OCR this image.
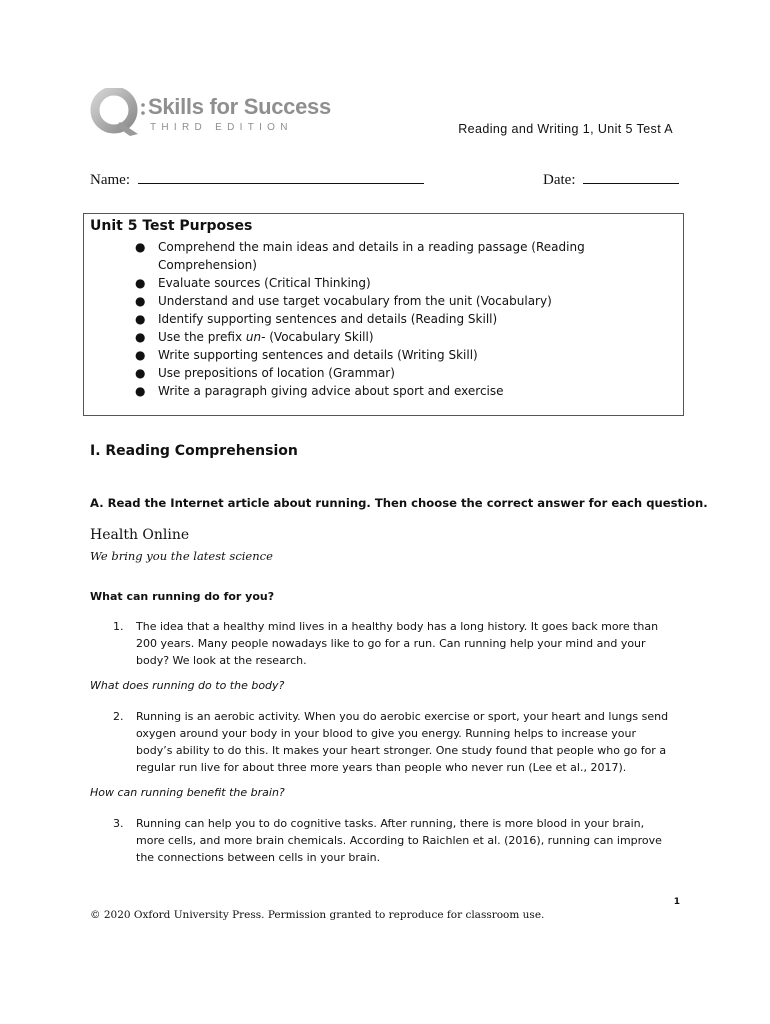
Skills for Success
THIRD EDITION	Reading and Writing 1, Unit 5 Test A
Name:	Date:
Unit 5 Test Purposes
● Comprehend the main ideas and details in a reading passage (Reading
Comprehension)
● Evaluate sources (Critical Thinking)
● Understand and use target vocabulary from the unit (Vocabulary)
● Identify supporting sentences and details (Reading Skill)
● Use the prefix un- (Vocabulary Skill)
● Write supporting sentences and details (Writing Skill)
● Use prepositions of location (Grammar)
● Write a paragraph giving advice about sport and exercise
I. Reading Comprehension
A. Read the Internet article about running. Then choose the correct answer for each question.
Health Online
We bring you the latest science
What can running do for you?
1. The idea that a healthy mind lives in a healthy body has a long history. It goes back more than
200 years. Many people nowadays like to go for a run. Can running help your mind and your
body? We look at the research.
What does running do to the body?
2. Running is an aerobic activity. When you do aerobic exercise or sport, your heart and lungs send
oxygen around your body in your blood to give you energy. Running helps to increase your
body’s ability to do this. It makes your heart stronger. One study found that people who go for a
regular run live for about three more years than people who never run (Lee et al., 2017).
How can running benefit the brain?
3. Running can help you to do cognitive tasks. After running, there is more blood in your brain,
more cells, and more brain chemicals. According to Raichlen et al. (2016), running can improve
the connections between cells in your brain.
1
© 2020 Oxford University Press. Permission granted to reproduce for classroom use.
